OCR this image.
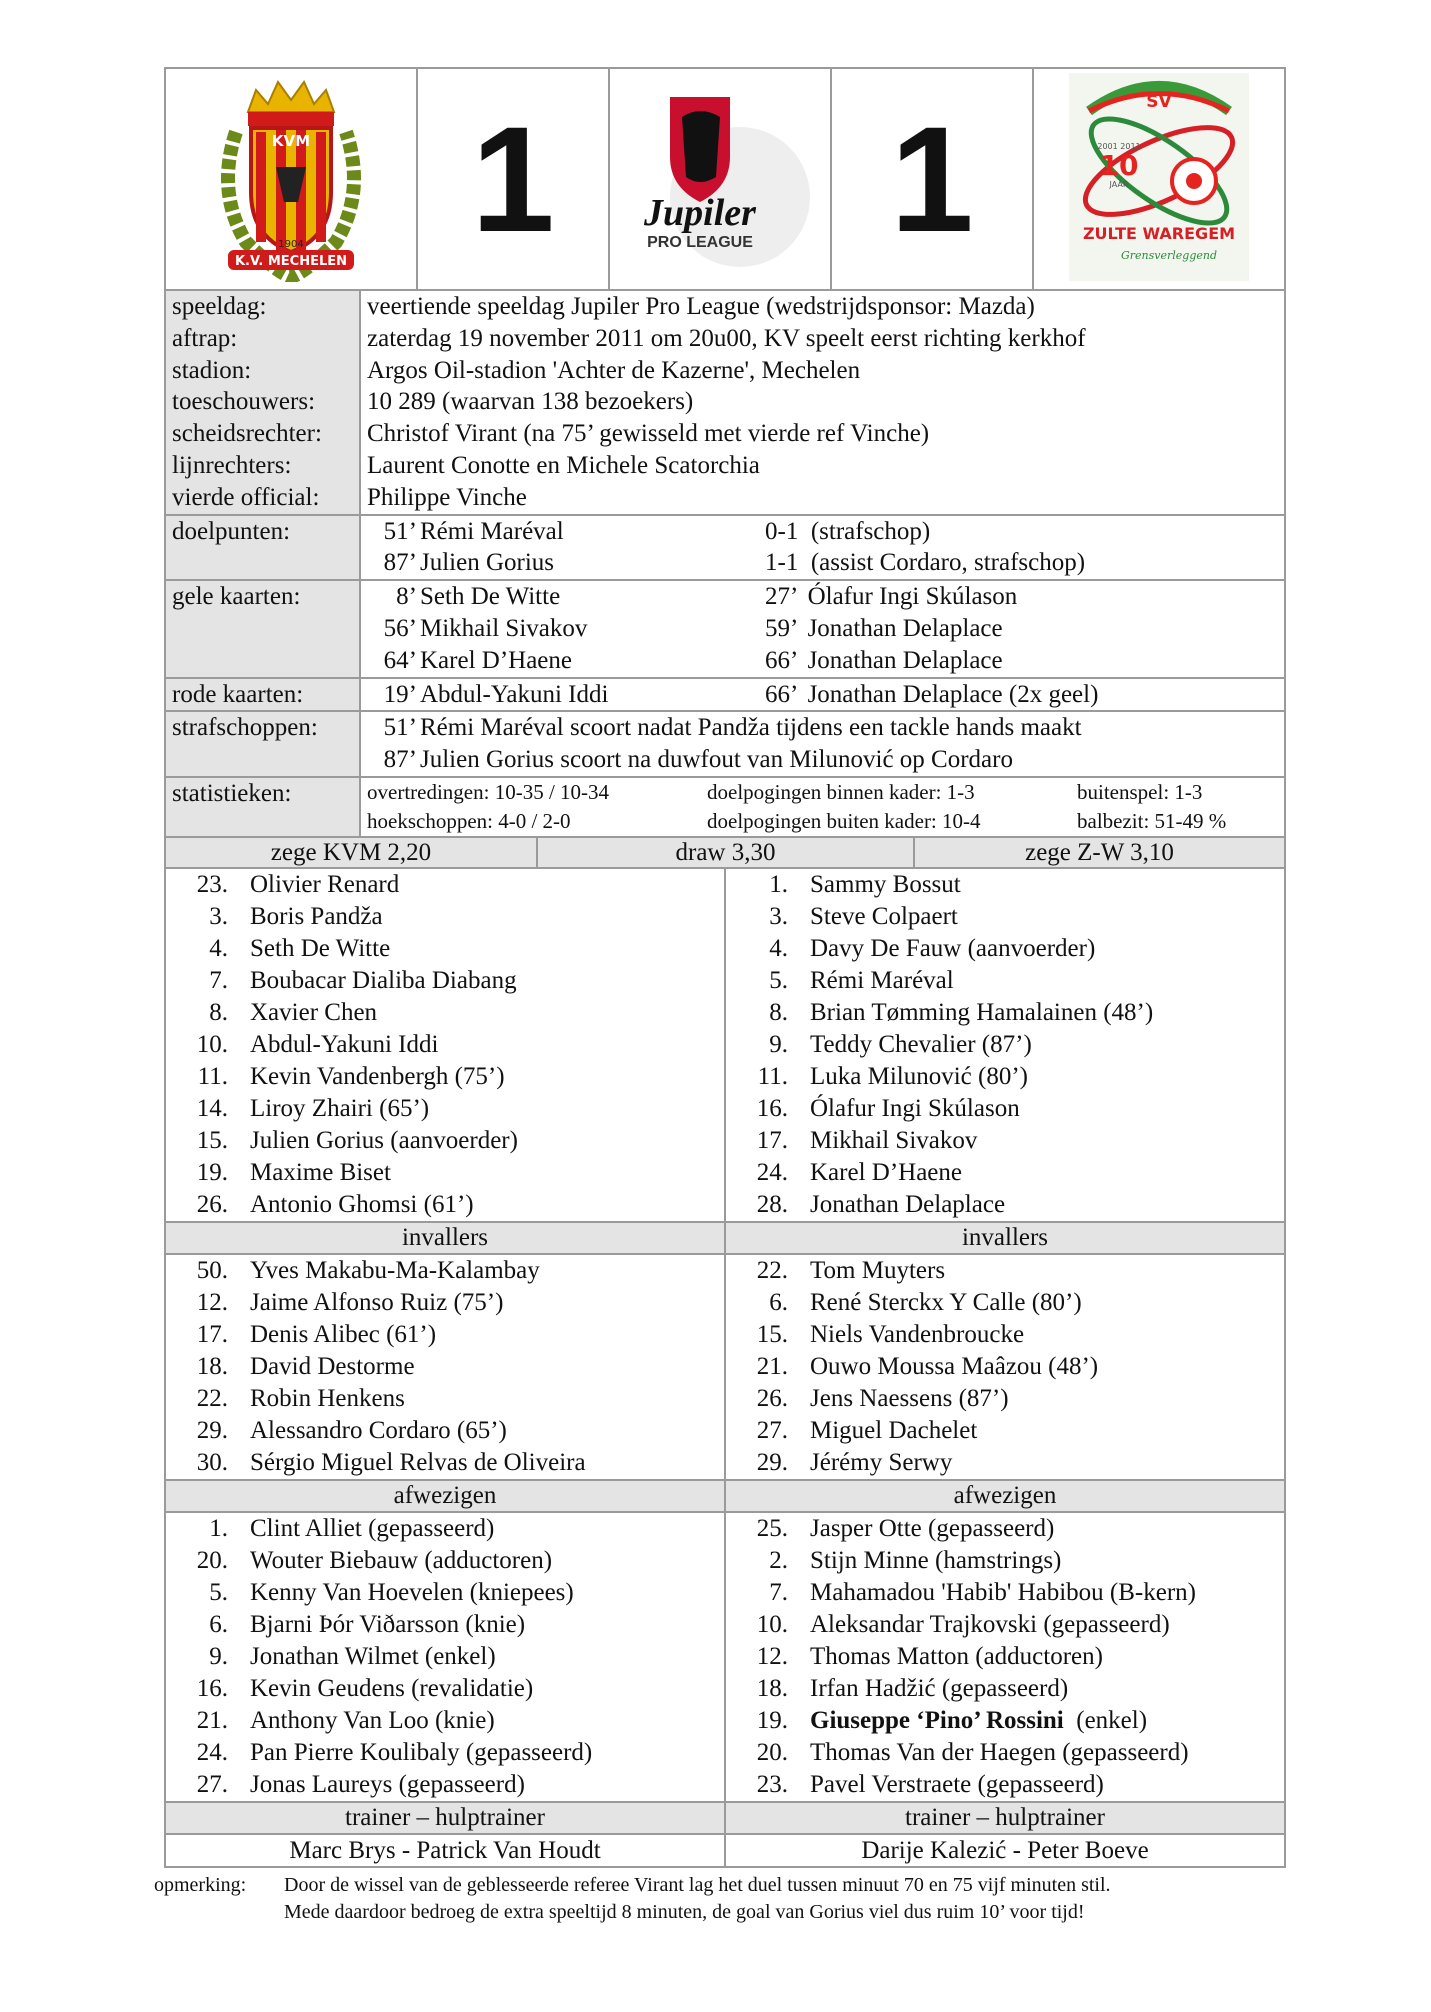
KVM
1904
K.V. MECHELEN	1	Jupiler
PRO LEAGUE	1	SV
2001 2011
10
JAAR
ZULTE WAREGEM
Grensverleggend
speeldag:	veertiende speeldag Jupiler Pro League (wedstrijdsponsor: Mazda)
aftrap:	zaterdag 19 november 2011 om 20u00, KV speelt eerst richting kerkhof
stadion:	Argos Oil-stadion 'Achter de Kazerne', Mechelen
toeschouwers:	10 289 (waarvan 138 bezoekers)
scheidsrechter:	Christof Virant (na 75’ gewisseld met vierde ref Vinche)
lijnrechters:	Laurent Conotte en Michele Scatorchia
vierde official:	Philippe Vinche
doelpunten:	51’ Rémi Maréval 0-1 (strafschop)
87’ Julien Gorius 1-1 (assist Cordaro, strafschop)

gele kaarten:	8’ Seth De Witte 27’ Ólafur Ingi Skúlason
56’ Mikhail Sivakov 59’ Jonathan Delaplace
64’ Karel D’Haene 66’ Jonathan Delaplace

rode kaarten:	19’ Abdul-Yakuni Iddi 66’ Jonathan Delaplace (2x geel)

strafschoppen:	51’ Rémi Maréval scoort nadat Pandža tijdens een tackle hands maakt
87’ Julien Gorius scoort na duwfout van Milunović op Cordaro

statistieken:	overtredingen: 10-35 / 10-34 doelpogingen binnen kader: 1-3 buitenspel: 1-3
hoekschoppen: 4-0 / 2-0 doelpogingen buiten kader: 10-4 balbezit: 51-49 %
zege KVM 2,20	draw 3,30	zege Z-W 3,10
23. Olivier Renard
3. Boris Pandža
4. Seth De Witte
7. Boubacar Dialiba Diabang
8. Xavier Chen
10. Abdul-Yakuni Iddi
11. Kevin Vandenbergh (75’)
14. Liroy Zhairi (65’)
15. Julien Gorius (aanvoerder)
19. Maxime Biset
26. Antonio Ghomsi (61’)
invallers
50. Yves Makabu-Ma-Kalambay
12. Jaime Alfonso Ruiz (75’)
17. Denis Alibec (61’)
18. David Destorme
22. Robin Henkens
29. Alessandro Cordaro (65’)
30. Sérgio Miguel Relvas de Oliveira
afwezigen
1. Clint Alliet (gepasseerd)
20. Wouter Biebauw (adductoren)
5. Kenny Van Hoevelen (kniepees)
6. Bjarni Þór Viðarsson (knie)
9. Jonathan Wilmet (enkel)
16. Kevin Geudens (revalidatie)
21. Anthony Van Loo (knie)
24. Pan Pierre Koulibaly (gepasseerd)
27. Jonas Laureys (gepasseerd)
trainer – hulptrainer
Marc Brys - Patrick Van Houdt

1. Sammy Bossut
3. Steve Colpaert
4. Davy De Fauw (aanvoerder)
5. Rémi Maréval
8. Brian Tømming Hamalainen (48’)
9. Teddy Chevalier (87’)
11. Luka Milunović (80’)
16. Ólafur Ingi Skúlason
17. Mikhail Sivakov
24. Karel D’Haene
28. Jonathan Delaplace
invallers
22. Tom Muyters
6. René Sterckx Y Calle (80’)
15. Niels Vandenbroucke
21. Ouwo Moussa Maâzou (48’)
26. Jens Naessens (87’)
27. Miguel Dachelet
29. Jérémy Serwy
afwezigen
25. Jasper Otte (gepasseerd)
2. Stijn Minne (hamstrings)
7. Mahamadou 'Habib' Habibou (B-kern)
10. Aleksandar Trajkovski (gepasseerd)
12. Thomas Matton (adductoren)
18. Irfan Hadžić (gepasseerd)
19. Giuseppe ‘Pino’ Rossini  (enkel)
20. Thomas Van der Haegen (gepasseerd)
23. Pavel Verstraete (gepasseerd)
trainer – hulptrainer
Darije Kalezić - Peter Boeve
opmerking: Door de wissel van de geblesseerde referee Virant lag het duel tussen minuut 70 en 75 vijf minuten stil.
Mede daardoor bedroeg de extra speeltijd 8 minuten, de goal van Gorius viel dus ruim 10’ voor tijd!
